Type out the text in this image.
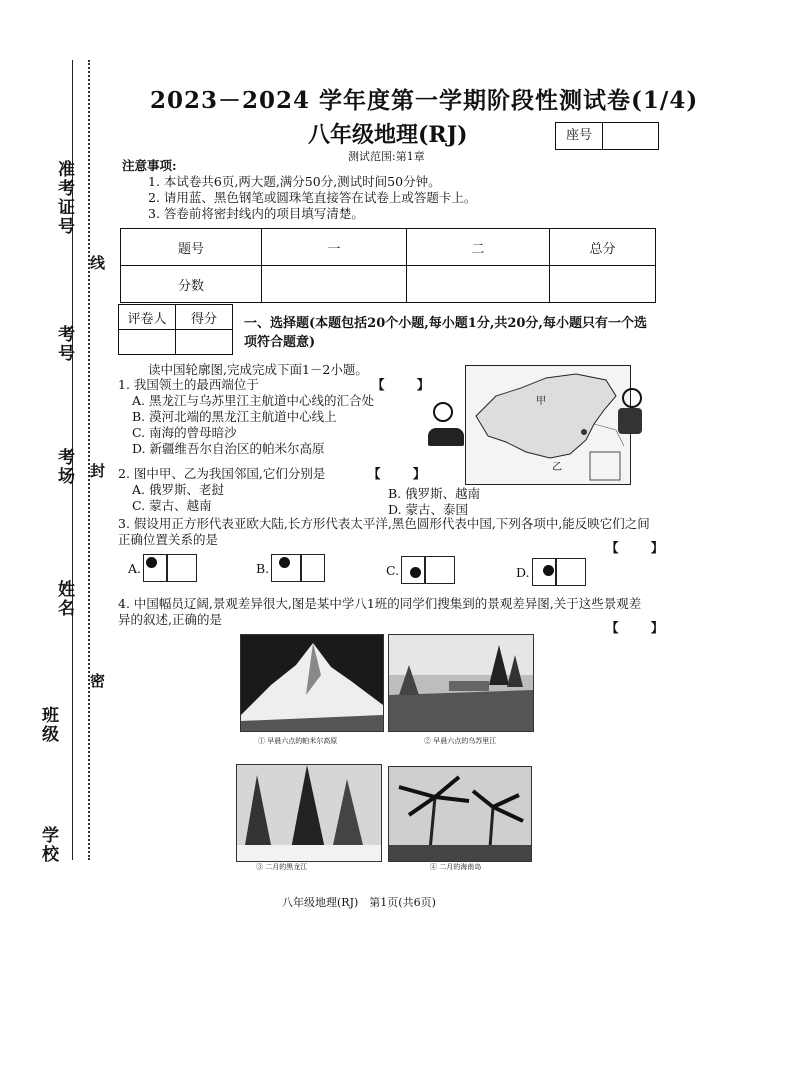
准考证号
考号
考场
姓名
班级
学校
线
封
密
2023－2024 学年度第一学期阶段性测试卷(1/4)
八年级地理(RJ)
测试范围:第1章
座号
注意事项:
1. 本试卷共6页,两大题,满分50分,测试时间50分钟。
2. 请用蓝、黑色钢笔或圆珠笔直接答在试卷上或答题卡上。
3. 答卷前将密封线内的项目填写清楚。
题号	一	二	总分
分数			
评卷人	得分
	一、选择题(本题包括20个小题,每小题1分,共20分,每小题只有一个选项符合题意)
读中国轮廓图,完成完成下面1－2小题。
1. 我国领土的最西端位于	【 】
A. 黑龙江与乌苏里江主航道中心线的汇合处
B. 漠河北端的黑龙江主航道中心线上
C. 南海的曾母暗沙
D. 新疆维吾尔自治区的帕米尔高原
甲
乙
2. 图中甲、乙为我国邻国,它们分别是	【 】
A. 俄罗斯、老挝	B. 俄罗斯、越南
C. 蒙古、越南	D. 蒙古、泰国
3. 假设用正方形代表亚欧大陆,长方形代表太平洋,黑色圆形代表中国,下列各项中,能反映它们之间正确位置关系的是
【 】
A.	B.	C.	D.
4. 中国幅员辽阔,景观差异很大,图是某中学八1班的同学们搜集到的景观差异图,关于这些景观差异的叙述,正确的是
【 】
① 早晨六点的帕米尔高原	② 早晨六点的乌苏里江
③ 二月的黑龙江	④ 二月的海南岛
八年级地理(RJ)　第1页(共6页)
